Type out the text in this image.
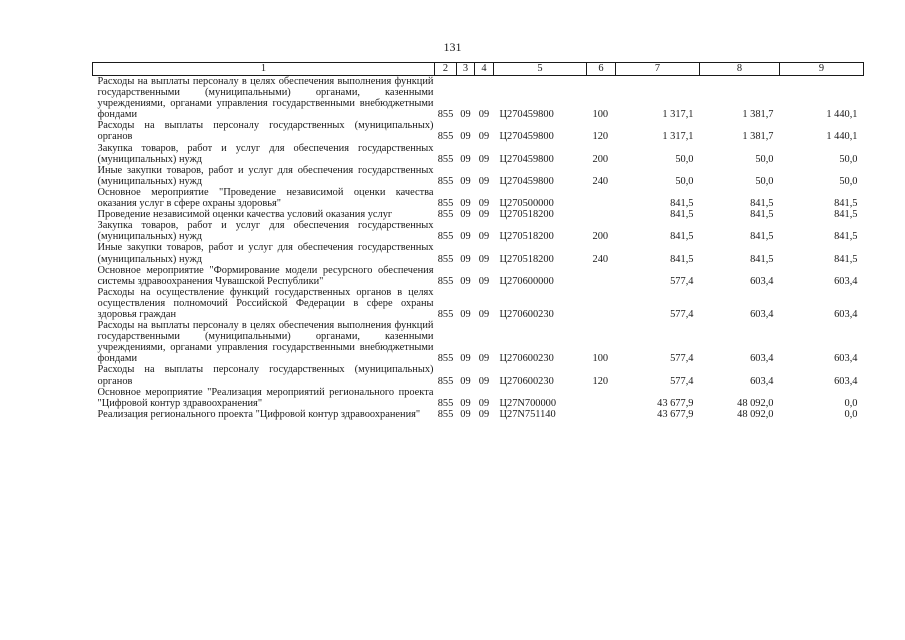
131
1	2	3	4	5	6	7	8	9
Расходы на выплаты персоналу в целях обеспечения выполнения функций государственными (муниципальными) органами, казенными учреждениями, органами управления государственными внебюджетными фондами	855	09	09	Ц270459800	100	1 317,1	1 381,7	1 440,1
Расходы на выплаты персоналу государственных (муниципальных) органов	855	09	09	Ц270459800	120	1 317,1	1 381,7	1 440,1
Закупка товаров, работ и услуг для обеспечения государственных (муниципальных) нужд	855	09	09	Ц270459800	200	50,0	50,0	50,0
Иные закупки товаров, работ и услуг для обеспечения государственных (муниципальных) нужд	855	09	09	Ц270459800	240	50,0	50,0	50,0
Основное мероприятие "Проведение независимой оценки качества оказания услуг в сфере охраны здоровья"	855	09	09	Ц270500000		841,5	841,5	841,5
Проведение независимой оценки качества условий оказания услуг	855	09	09	Ц270518200		841,5	841,5	841,5
Закупка товаров, работ и услуг для обеспечения государственных (муниципальных) нужд	855	09	09	Ц270518200	200	841,5	841,5	841,5
Иные закупки товаров, работ и услуг для обеспечения государственных (муниципальных) нужд	855	09	09	Ц270518200	240	841,5	841,5	841,5
Основное мероприятие "Формирование модели ресурсного обеспечения системы здравоохранения Чувашской Республики"	855	09	09	Ц270600000		577,4	603,4	603,4
Расходы на осуществление функций государственных органов в целях осуществления полномочий Российской Федерации в сфере охраны здоровья граждан	855	09	09	Ц270600230		577,4	603,4	603,4
Расходы на выплаты персоналу в целях обеспечения выполнения функций государственными (муниципальными) органами, казенными учреждениями, органами управления государственными внебюджетными фондами	855	09	09	Ц270600230	100	577,4	603,4	603,4
Расходы на выплаты персоналу государственных (муниципальных) органов	855	09	09	Ц270600230	120	577,4	603,4	603,4
Основное мероприятие "Реализация мероприятий регионального проекта "Цифровой контур здравоохранения"	855	09	09	Ц27N700000		43 677,9	48 092,0	0,0
Реализация регионального проекта "Цифровой контур здравоохранения"	855	09	09	Ц27N751140		43 677,9	48 092,0	0,0
